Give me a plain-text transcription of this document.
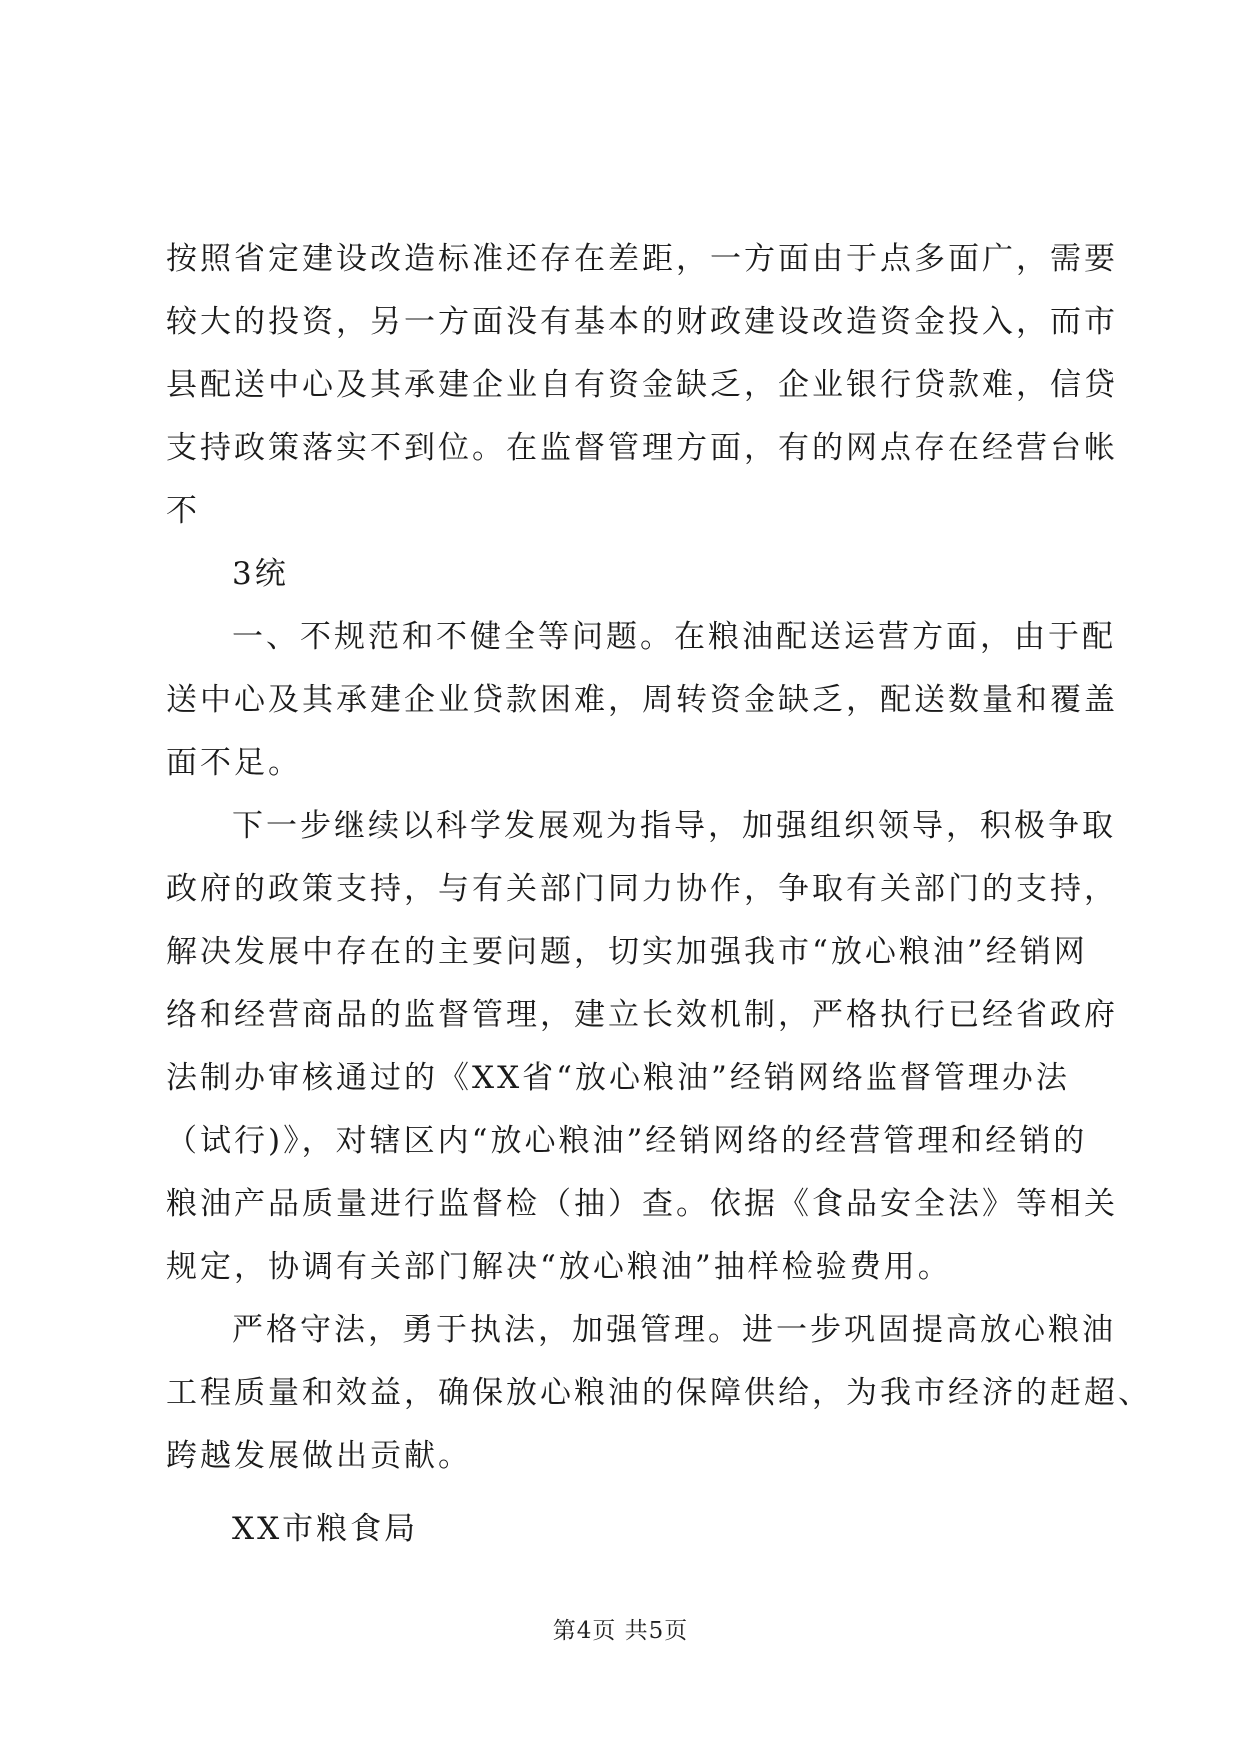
按照省定建设改造标准还存在差距，一方面由于点多面广，需要
较大的投资，另一方面没有基本的财政建设改造资金投入，而市
县配送中心及其承建企业自有资金缺乏，企业银行贷款难，信贷
支持政策落实不到位。在监督管理方面，有的网点存在经营台帐
不

3统

一、不规范和不健全等问题。在粮油配送运营方面，由于配
送中心及其承建企业贷款困难，周转资金缺乏，配送数量和覆盖
面不足。

下一步继续以科学发展观为指导，加强组织领导，积极争取
政府的政策支持，与有关部门同力协作，争取有关部门的支持，
解决发展中存在的主要问题，切实加强我市“放心粮油”经销网
络和经营商品的监督管理，建立长效机制，严格执行已经省政府
法制办审核通过的《XX省“放心粮油”经销网络监督管理办法
（试行)》，对辖区内“放心粮油”经销网络的经营管理和经销的
粮油产品质量进行监督检（抽）查。依据《食品安全法》等相关
规定，协调有关部门解决“放心粮油”抽样检验费用。

严格守法，勇于执法，加强管理。进一步巩固提高放心粮油
工程质量和效益，确保放心粮油的保障供给，为我市经济的赶超、
跨越发展做出贡献。

XX市粮食局

第4页 共5页
